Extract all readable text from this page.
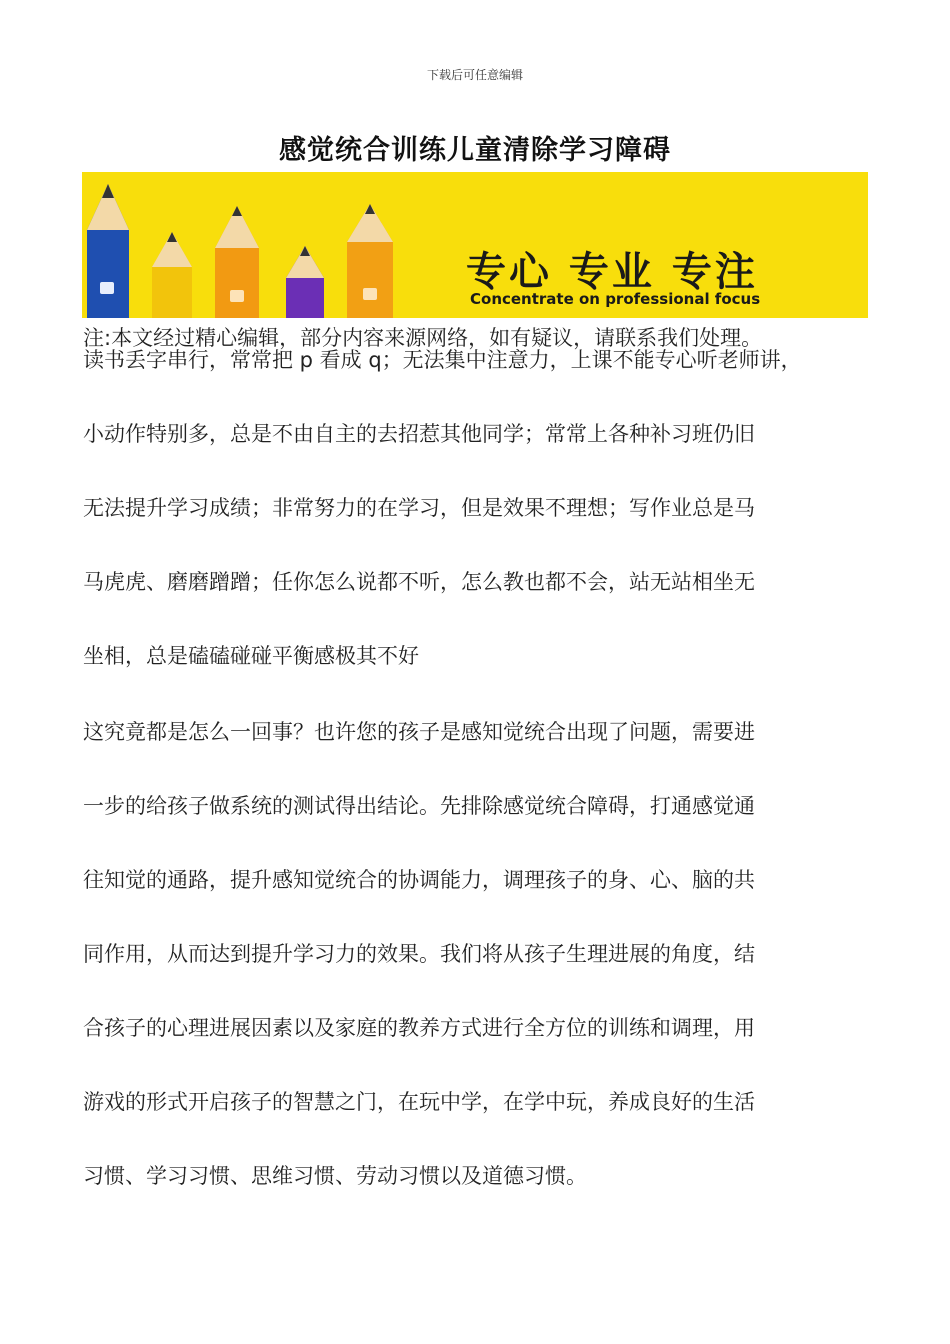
下载后可任意编辑
感觉统合训练儿童清除学习障碍
专心 专业 专注
Concentrate on professional focus
注:本文经过精心编辑，部分内容来源网络，如有疑议，请联系我们处理。
读书丢字串行，常常把 p 看成 q；无法集中注意力，上课不能专心听老师讲，
小动作特别多，总是不由自主的去招惹其他同学；常常上各种补习班仍旧
无法提升学习成绩；非常努力的在学习，但是效果不理想；写作业总是马
马虎虎、磨磨蹭蹭；任你怎么说都不听，怎么教也都不会，站无站相坐无
坐相，总是磕磕碰碰平衡感极其不好
这究竟都是怎么一回事？也许您的孩子是感知觉统合出现了问题，需要进
一步的给孩子做系统的测试得出结论。先排除感觉统合障碍，打通感觉通
往知觉的通路，提升感知觉统合的协调能力，调理孩子的身、心、脑的共
同作用，从而达到提升学习力的效果。我们将从孩子生理进展的角度，结
合孩子的心理进展因素以及家庭的教养方式进行全方位的训练和调理，用
游戏的形式开启孩子的智慧之门，在玩中学，在学中玩，养成良好的生活
习惯、学习习惯、思维习惯、劳动习惯以及道德习惯。
